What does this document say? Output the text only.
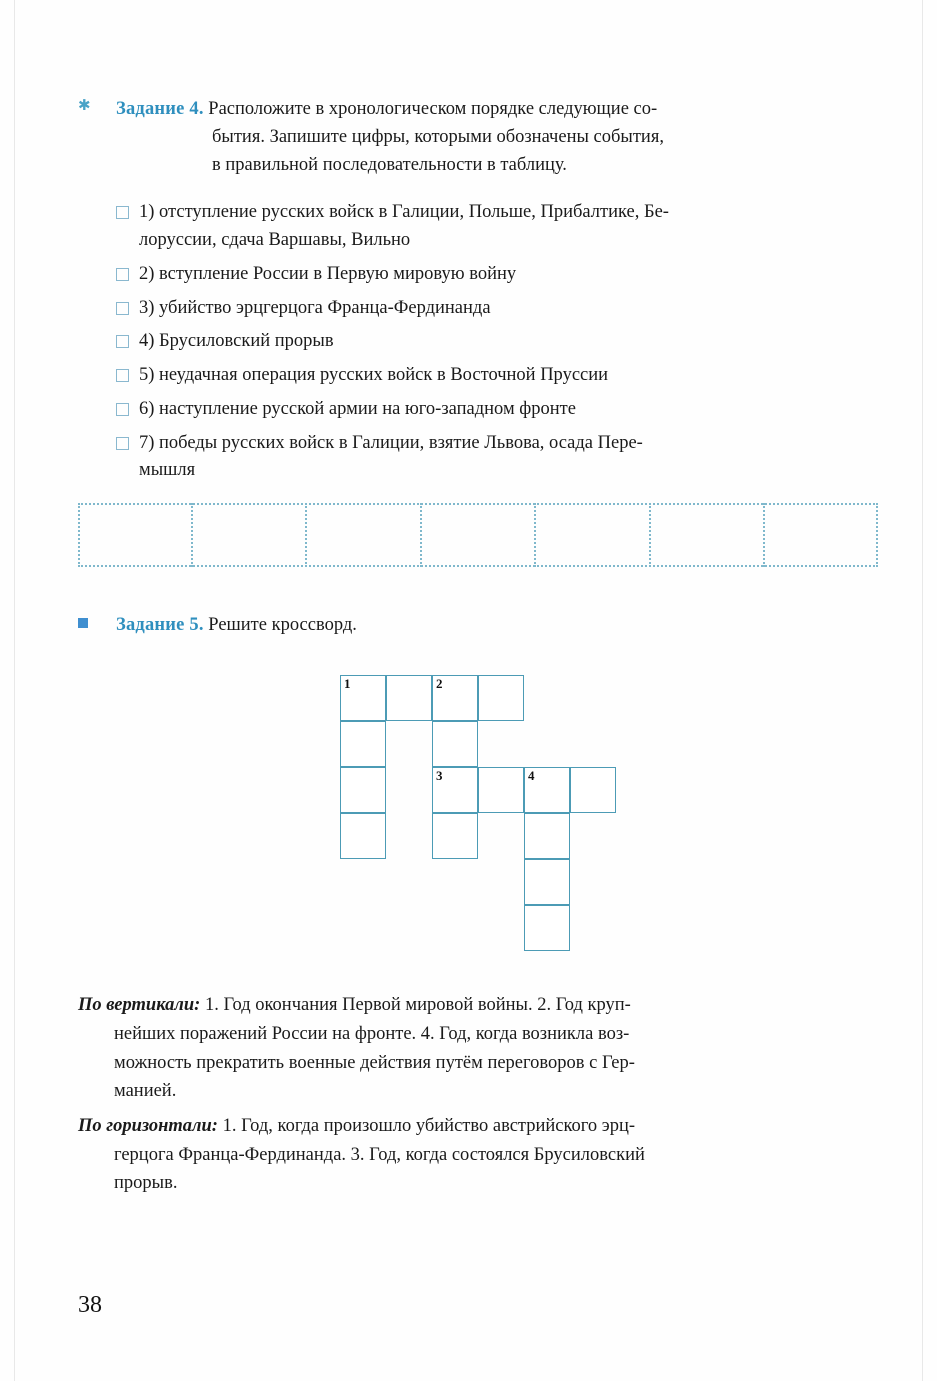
✱	Задание 4. Расположите в хронологическом порядке следующие со-
бытия. Запишите цифры, которыми обозначены события,
в правильной последовательности в таблицу.
1) отступление русских войск в Галиции, Польше, Прибалтике, Бе-
лоруссии, сдача Варшавы, Вильно
2) вступление России в Первую мировую войну
3) убийство эрцгерцога Франца-Фердинанда
4) Брусиловский прорыв
5) неудачная операция русских войск в Восточной Пруссии
6) наступление русской армии на юго-западном фронте
7) победы русских войск в Галиции, взятие Львова, осада Пере-
мышля
Задание 5. Решите кроссворд.
1	2
3	4
По вертикали: 1. Год окончания Первой мировой войны. 2. Год круп-
нейших поражений России на фронте. 4. Год, когда возникла воз-
можность прекратить военные действия путём переговоров с Гер-
манией.
По горизонтали: 1. Год, когда произошло убийство австрийского эрц-
герцога Франца-Фердинанда. 3. Год, когда состоялся Брусиловский
прорыв.
38
